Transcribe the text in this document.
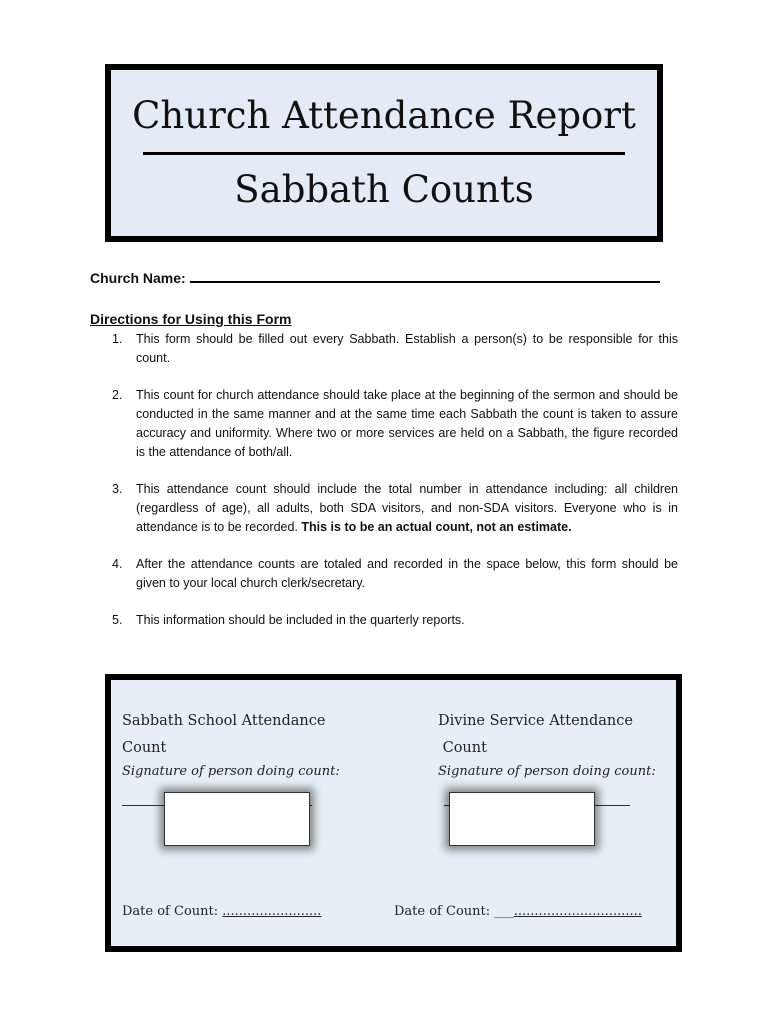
Church Attendance Report
Sabbath Counts
Church Name:
Directions for Using this Form
1. This form should be filled out every Sabbath. Establish a person(s) to be responsible for this count.
2. This count for church attendance should take place at the beginning of the sermon and should be conducted in the same manner and at the same time each Sabbath the count is taken to assure accuracy and uniformity. Where two or more services are held on a Sabbath, the figure recorded is the attendance of both/all.
3. This attendance count should include the total number in attendance including: all children (regardless of age), all adults, both SDA visitors, and non-SDA visitors. Everyone who is in attendance is to be recorded. This is to be an actual count, not an estimate.
4. After the attendance counts are totaled and recorded in the space below, this form should be given to your local church clerk/secretary.
5. This information should be included in the quarterly reports.
Sabbath School Attendance
Count
Signature of person doing count:
Date of Count: ........................
Divine Service Attendance
Count
Signature of person doing count:
Date of Count: ___...............................
